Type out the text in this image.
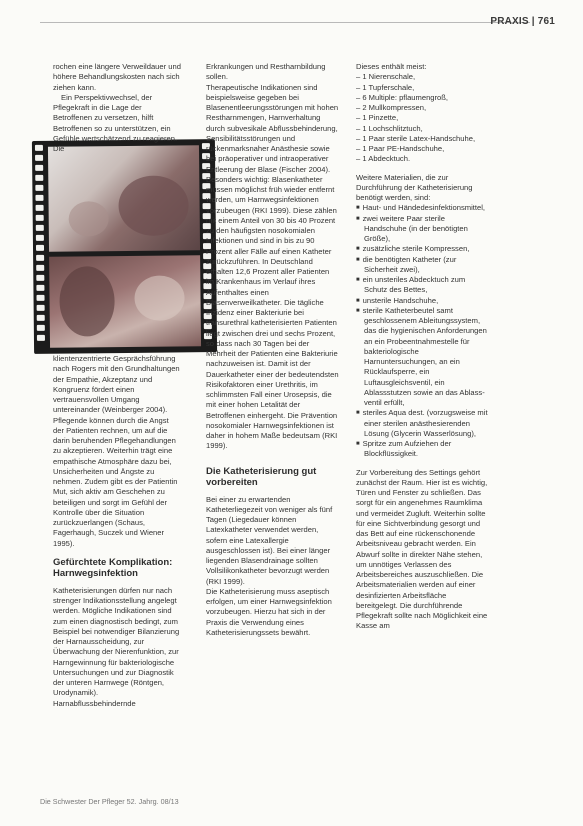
PRAXIS | 761

rochen eine längere Verweildauer und höhere Behandlungskosten nach sich ziehen kann.

Ein Perspektivwechsel, der Pflegekraft in die Lage der Betroffenen zu versetzen, hilft Betroffenen so zu unterstützen, ein Gefühle wertschätzend zu reagieren. Die

klientenzentrierte Gesprächsführung nach Rogers mit den Grundhaltungen der Empathie, Akzeptanz und Kongruenz fördert einen vertrauensvollen Umgang untereinander (Weinberger 2004). Pflegende können durch die Angst der Patienten rechnen, um auf die darin beruhenden Pflegehandlungen zu akzeptieren. Weiterhin trägt eine empathische Atmosphäre dazu bei, Unsicherheiten und Ängste zu nehmen. Zudem gibt es der Patientin Mut, sich aktiv am Geschehen zu beteiligen und sorgt im Gefühl der Kontrolle über die Situation zurückzuerlangen (Schaus, Fagerhaugh, Suczek und Wiener 1995).

Gefürchtete Komplikation: Harnwegsinfektion

Katheterisierungen dürfen nur nach strenger Indikationsstellung angelegt werden. Mögliche Indikationen sind zum einen diagnostisch bedingt, zum Beispiel bei notwendiger Bilanzierung der Harnausscheidung, zur Überwachung der Nierenfunktion, zur Harngewinnung für bakteriologische Untersuchungen und zur Diagnostik der unteren Harnwege (Röntgen, Urodynamik). Harnabflussbehindernde

Erkrankungen und Restharnbildung sollen.

Therapeutische Indikationen sind beispielsweise gegeben bei Blasenentleerungsstörungen mit hohen Restharnmengen, Harnverhaltung durch subvesikale Abflussbehinderung, Sensibilitätsstörungen und rückenmarksnaher Anästhesie sowie bei präoperativer und intraoperativer Entleerung der Blase (Fischer 2004).

Besonders wichtig: Blasenkatheter müssen möglichst früh wieder entfernt werden, um Harnwegsinfektionen vorzubeugen (RKI 1999). Diese zählen mit einem Anteil von 30 bis 40 Prozent zu den häufigsten nosokomialen Infektionen und sind in bis zu 90 Prozent aller Fälle auf einen Katheter zurückzuführen. In Deutschland erhalten 12,6 Prozent aller Patienten im Krankenhaus im Verlauf ihres Aufenthaltes einen Blasenverweilkatheter. Die tägliche Inzidenz einer Bakteriurie bei transurethral katheterisierten Patienten liegt zwischen drei und sechs Prozent, so dass nach 30 Tagen bei der Mehrheit der Patienten eine Bakteriurie nachzuweisen ist. Damit ist der Dauerkatheter einer der bedeutendsten Risikofaktoren einer Urethritis, im schlimmsten Fall einer Urosepsis, die mit einer hohen Letalität der Betroffenen einhergeht. Die Prävention nosokomialer Harnwegsinfektionen ist daher in hohem Maße bedeutsam (RKI 1999).

Die Katheterisierung gut vorbereiten

Bei einer zu erwartenden Katheterliegezeit von weniger als fünf Tagen (Liegedauer können Latexkatheter verwendet werden, sofern eine Latexallergie ausgeschlossen ist). Bei einer länger liegenden Blasendrainage sollten Vollsilikonkatheter bevorzugt werden (RKI 1999).

Die Katheterisierung muss aseptisch erfolgen, um einer Harnwegsinfektion vorzubeugen. Hierzu hat sich in der Praxis die Verwendung eines Katheterisierungssets bewährt.

Dieses enthält meist:

– 1 Nierenschale,

– 1 Tupferschale,

– 6 Multiple: pflaumengroß,

– 2 Mullkompressen,

– 1 Pinzette,

– 1 Lochschlitztuch,

– 1 Paar sterile Latex-Handschuhe,

– 1 Paar PE-Handschuhe,

– 1 Abdecktuch.

Weitere Materialien, die zur Durchführung der Katheterisierung benötigt werden, sind:

■ Haut- und Händedesinfektionsmittel,

■ zwei weitere Paar sterile Handschuhe (in der benötigten Größe),

■ zusätzliche sterile Kompressen,

■ die benötigten Katheter (zur Sicherheit zwei),

■ ein unsteriles Abdecktuch zum Schutz des Bettes,

■ unsterile Handschuhe,

■ sterile Katheterbeutel samt geschlossenem Ableitungssystem, das die hygienischen Anforderungen an ein Probeentnahmestelle für bakteriologische Harnuntersuchungen, an ein Rücklaufsperre, ein Luftausgleichsventil, ein Ablassstutzen sowie an das Ablass-ventil erfüllt,

■ steriles Aqua dest. (vorzugsweise mit einer sterilen anästhesierenden Lösung (Glycerin Wasserlösung),

■ Spritze zum Aufziehen der Blockflüssigkeit.

Zur Vorbereitung des Settings gehört zunächst der Raum. Hier ist es wichtig, Türen und Fenster zu schließen. Das sorgt für ein angenehmes Raumklima und vermeidet Zugluft. Weiterhin sollte für eine Sichtverbindung gesorgt und das Bett auf eine rückenschonende Arbeitsniveau gebracht werden. Ein Abwurf sollte in direkter Nähe stehen, um unnötiges Verlassen des Arbeitsbereiches auszuschließen. Die Arbeitsmaterialien werden auf einer desinfizierten Arbeitsfläche bereitgelegt. Die durchführende Pflegekraft sollte nach Möglichkeit eine Kasse am

Die Schwester Der Pfleger 52. Jahrg. 08/13
